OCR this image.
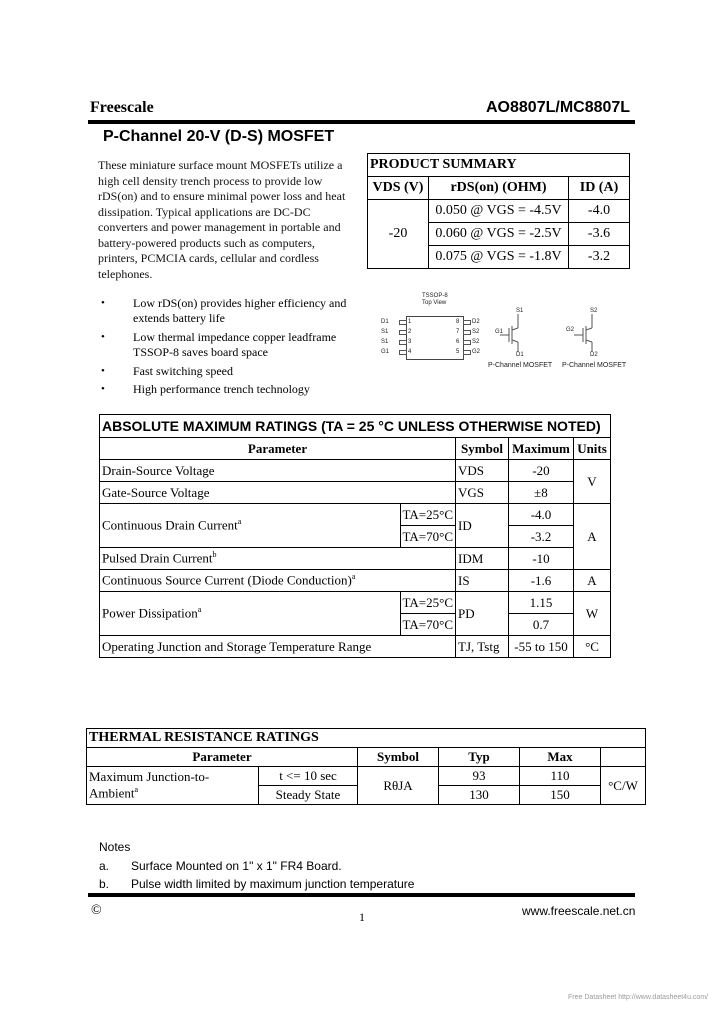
Freescale	AO8807L/MC8807L
P-Channel 20-V (D-S) MOSFET
These miniature surface mount MOSFETs utilize a
high cell density trench process to provide low
rDS(on) and to ensure minimal power loss and heat
dissipation. Typical applications are DC-DC
converters and power management in portable and
battery-powered products such as computers,
printers, PCMCIA cards, cellular and cordless
telephones.
PRODUCT SUMMARY		
VDS (V)	rDS(on) (OHM)	ID (A)
-20	0.050 @ VGS = -4.5V	-4.0
	0.060 @ VGS = -2.5V	-3.6
	0.075 @ VGS = -1.8V	-3.2
• Low rDS(on) provides higher efficiency and
extends battery life
• Low thermal impedance copper leadframe
TSSOP-8 saves board space
• Fast switching speed
• High performance trench technology
TSSOP-8
Top View
D1
S1
S1
G1
1
2
3
4
8
7
6
5
D2
S2
S2
G2
S1
G1
D1
S2
G2
D2
P-Channel MOSFET P-Channel MOSFET
ABSOLUTE MAXIMUM RATINGS (TA = 25 °C UNLESS OTHERWISE NOTED)				
Parameter		Symbol	Maximum	Units
Drain-Source Voltage		VDS	-20	V
Gate-Source Voltage		VGS	±8	
Continuous Drain Current$^a$	TA=25°C	ID	-4.0	A
	TA=70°C		-3.2	
Pulsed Drain Current$^b$		IDM	-10	
Continuous Source Current (Diode Conduction)$^a$		IS	-1.6	A
Power Dissipation$^a$	TA=25°C	PD	1.15	W
	TA=70°C		0.7	
Operating Junction and Storage Temperature Range		TJ, Tstg	-55 to 150	°C
THERMAL RESISTANCE RATINGS					
Parameter		Symbol	Typ	Max	
Maximum Junction-to-Ambient$^a$	t <= 10 sec	RθJA	93	110	°C/W
	Steady State		130	150	
Notes
a. Surface Mounted on 1" x 1" FR4 Board.
b. Pulse width limited by maximum junction temperature
©	1	www.freescale.net.cn
Free Datasheet http://www.datasheet4u.com/
